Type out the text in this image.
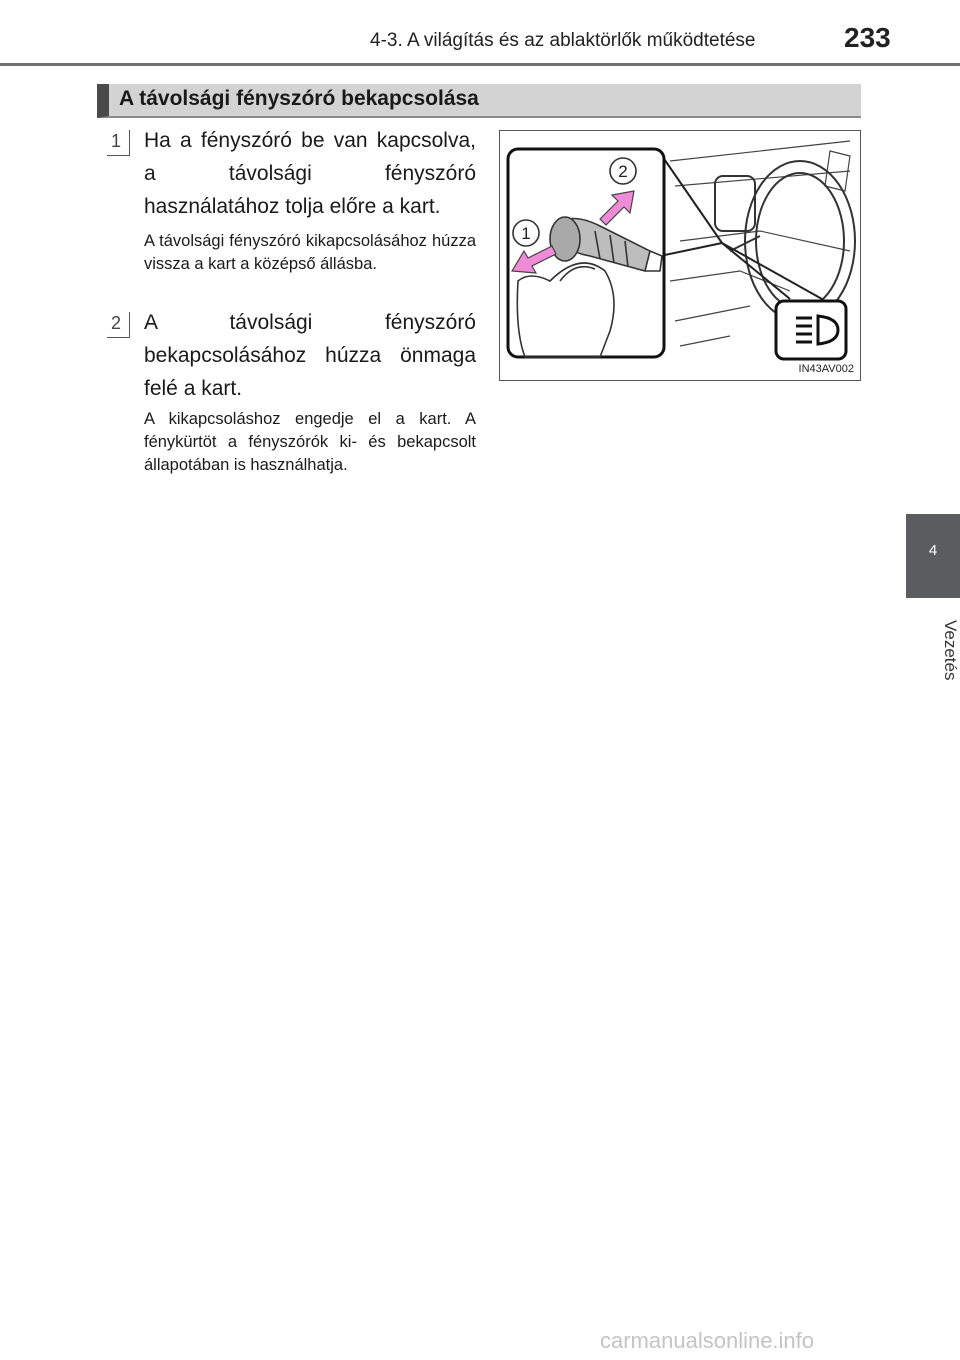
4-3. A világítás és az ablaktörlők működtetése	233
4
Vezetés
A távolsági fényszóró bekapcsolása
1	Ha a fényszóró be van kapcsolva, a távolsági fényszóró használatához tolja előre a kart.
A távolsági fényszóró kikapcsolásához húzza vissza a kart a középső állásba.
2	A távolsági fényszóró bekapcsolásához húzza önmaga felé a kart.
A kikapcsoláshoz engedje el a kart. A fénykürtöt a fényszórók ki- és bekapcsolt állapotában is használhatja.
2
1
IN43AV002
carmanualsonline.info
